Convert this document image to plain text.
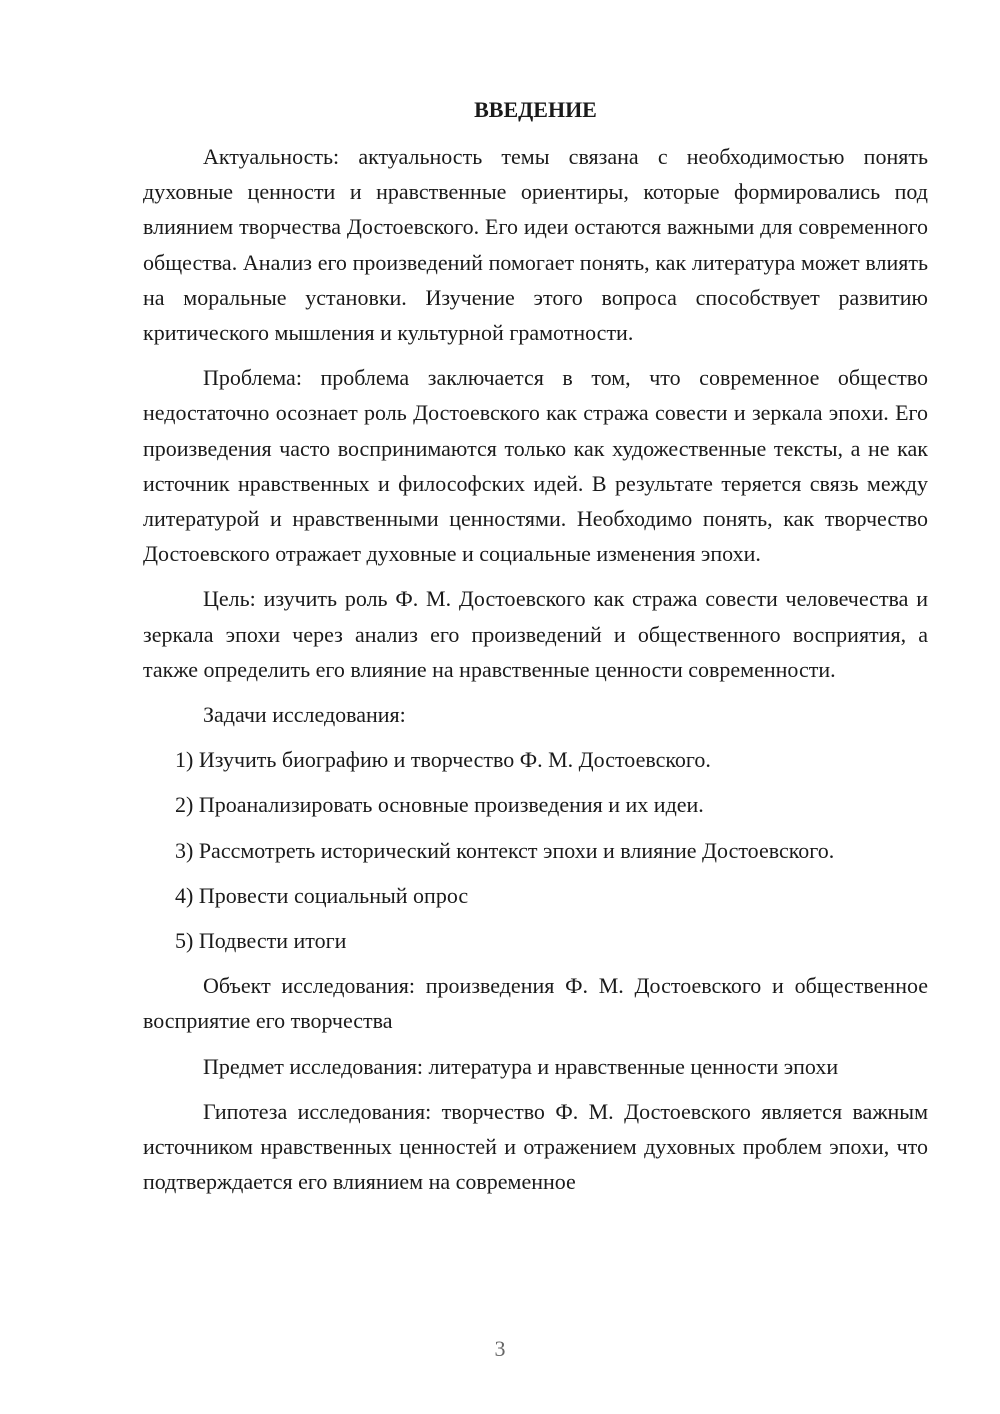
ВВЕДЕНИЕ

Актуальность: актуальность темы связана с необходимостью понять духовные ценности и нравственные ориентиры, которые формировались под влиянием творчества Достоевского. Его идеи остаются важными для современного общества. Анализ его произведений помогает понять, как литература может влиять на моральные установки. Изучение этого вопроса способствует развитию критического мышления и культурной грамотности.

Проблема: проблема заключается в том, что современное общество недостаточно осознает роль Достоевского как стража совести и зеркала эпохи. Его произведения часто воспринимаются только как художественные тексты, а не как источник нравственных и философских идей. В результате теряется связь между литературой и нравственными ценностями. Необходимо понять, как творчество Достоевского отражает духовные и социальные изменения эпохи.

Цель: изучить роль Ф. М. Достоевского как стража совести человечества и зеркала эпохи через анализ его произведений и общественного восприятия, а также определить его влияние на нравственные ценности современности.

Задачи исследования:

1) Изучить биографию и творчество Ф. М. Достоевского.

2) Проанализировать основные произведения и их идеи.

3) Рассмотреть исторический контекст эпохи и влияние Достоевского.

4) Провести социальный опрос

5) Подвести итоги

Объект исследования: произведения Ф. М. Достоевского и общественное восприятие его творчества

Предмет исследования: литература и нравственные ценности эпохи

Гипотеза исследования: творчество Ф. М. Достоевского является важным источником нравственных ценностей и отражением духовных проблем эпохи, что подтверждается его влиянием на современное

3
